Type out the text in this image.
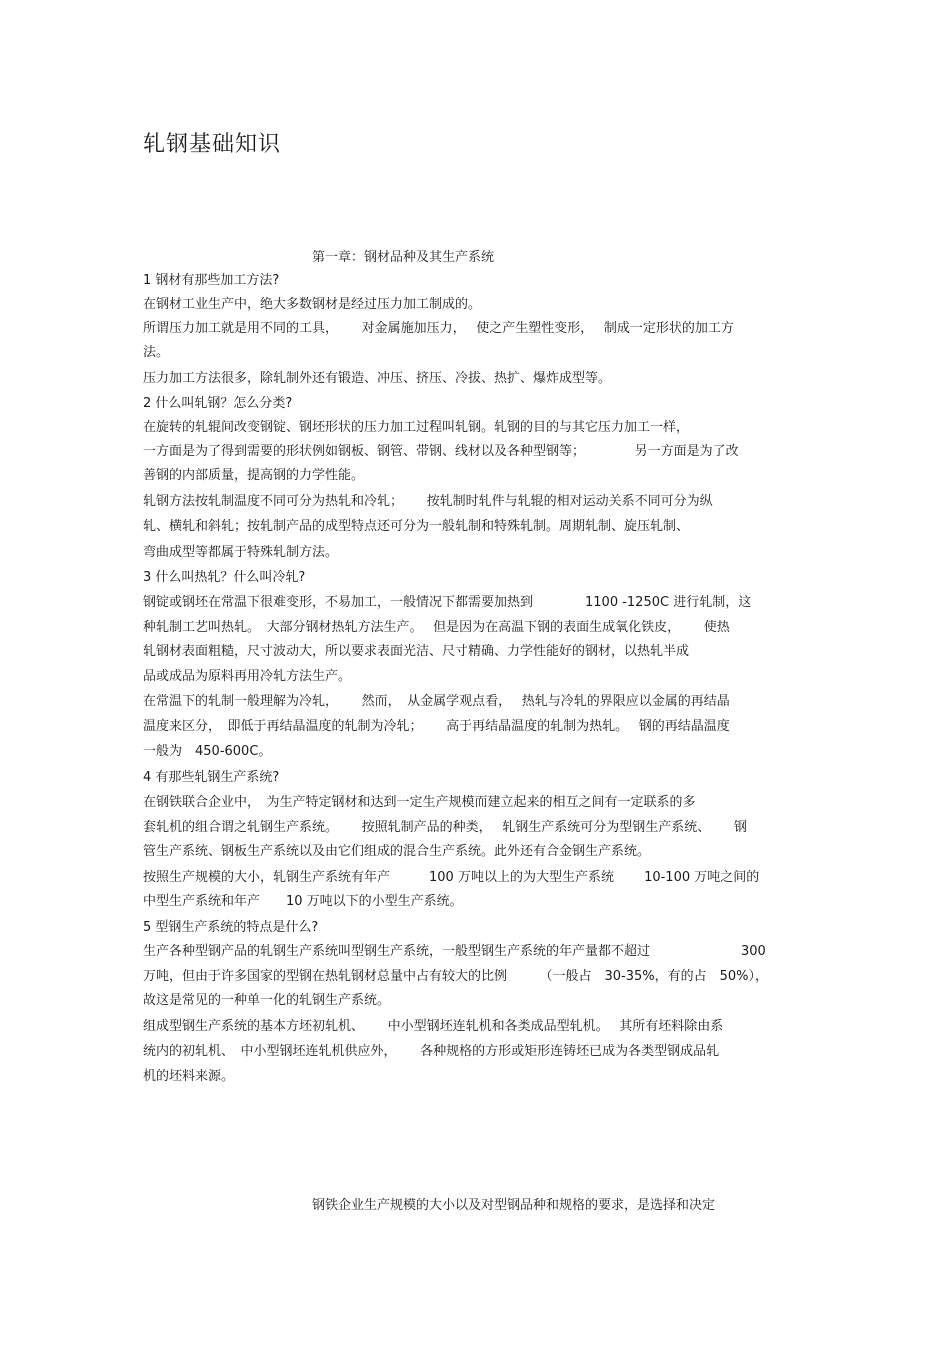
轧钢基础知识
第一章：钢材品种及其生产系统
1 钢材有那些加工方法?
在钢材工业生产中，绝大多数钢材是经过压力加工制成的。
所谓压力加工就是用不同的工具，　　 对金属施加压力，　 使之产生塑性变形，　 制成一定形状的加工方
法。
压力加工方法很多，除轧制外还有锻造、冲压、挤压、冷拔、热扩、爆炸成型等。
2 什么叫轧钢？怎么分类?
在旋转的轧辊间改变钢锭、钢坯形状的压力加工过程叫轧钢。轧钢的目的与其它压力加工一样，
一方面是为了得到需要的形状例如钢板、钢管、带钢、线材以及各种型钢等；　　　　 另一方面是为了改
善钢的内部质量，提高钢的力学性能。
轧钢方法按轧制温度不同可分为热轧和冷轧；　　 按轧制时轧件与轧辊的相对运动关系不同可分为纵
轧、横轧和斜轧；按轧制产品的成型特点还可分为一般轧制和特殊轧制。周期轧制、旋压轧制、
弯曲成型等都属于特殊轧制方法。
3 什么叫热轧？什么叫冷轧?
钢锭或钢坯在常温下很难变形，不易加工，一般情况下都需要加热到　　　　1100 -1250C 进行轧制，这
种轧制工艺叫热轧。　大部分钢材热轧方法生产。　 但是因为在高温下钢的表面生成氧化铁皮，　　 使热
轧钢材表面粗糙，尺寸波动大，所以要求表面光洁、尺寸精确、力学性能好的钢材，以热轧半成
品或成品为原料再用冷轧方法生产。
在常温下的轧制一般理解为冷轧，　　 然而，　从金属学观点看，　 热轧与冷轧的界限应以金属的再结晶
温度来区分，　即低于再结晶温度的轧制为冷轧；　　 高于再结晶温度的轧制为热轧。　 钢的再结晶温度
一般为　450-600C。
4 有那些轧钢生产系统?
在钢铁联合企业中，　为生产特定钢材和达到一定生产规模而建立起来的相互之间有一定联系的多
套轧机的组合谓之轧钢生产系统。　　 按照轧制产品的种类，　 轧钢生产系统可分为型钢生产系统、　　 钢
管生产系统、钢板生产系统以及由它们组成的混合生产系统。此外还有合金钢生产系统。
按照生产规模的大小，轧钢生产系统有年产　　　100 万吨以上的为大型生产系统　　 10-100 万吨之间的
中型生产系统和年产　　10 万吨以下的小型生产系统。
5 型钢生产系统的特点是什么?
生产各种型钢产品的轧钢生产系统叫型钢生产系统，一般型钢生产系统的年产量都不超过　　　　　　　300
万吨，但由于许多国家的型钢在热轧钢材总量中占有较大的比例　　　（一般占　30-35%，有的占　50%），
故这是常见的一种单一化的轧钢生产系统。
组成型钢生产系统的基本方坯初轧机、　　 中小型钢坯连轧机和各类成品型轧机。　 其所有坯料除由系
统内的初轧机、　中小型钢坯连轧机供应外，　　 各种规格的方形或矩形连铸坯已成为各类型钢成品轧
机的坯料来源。
钢铁企业生产规模的大小以及对型钢品种和规格的要求，是选择和决定
